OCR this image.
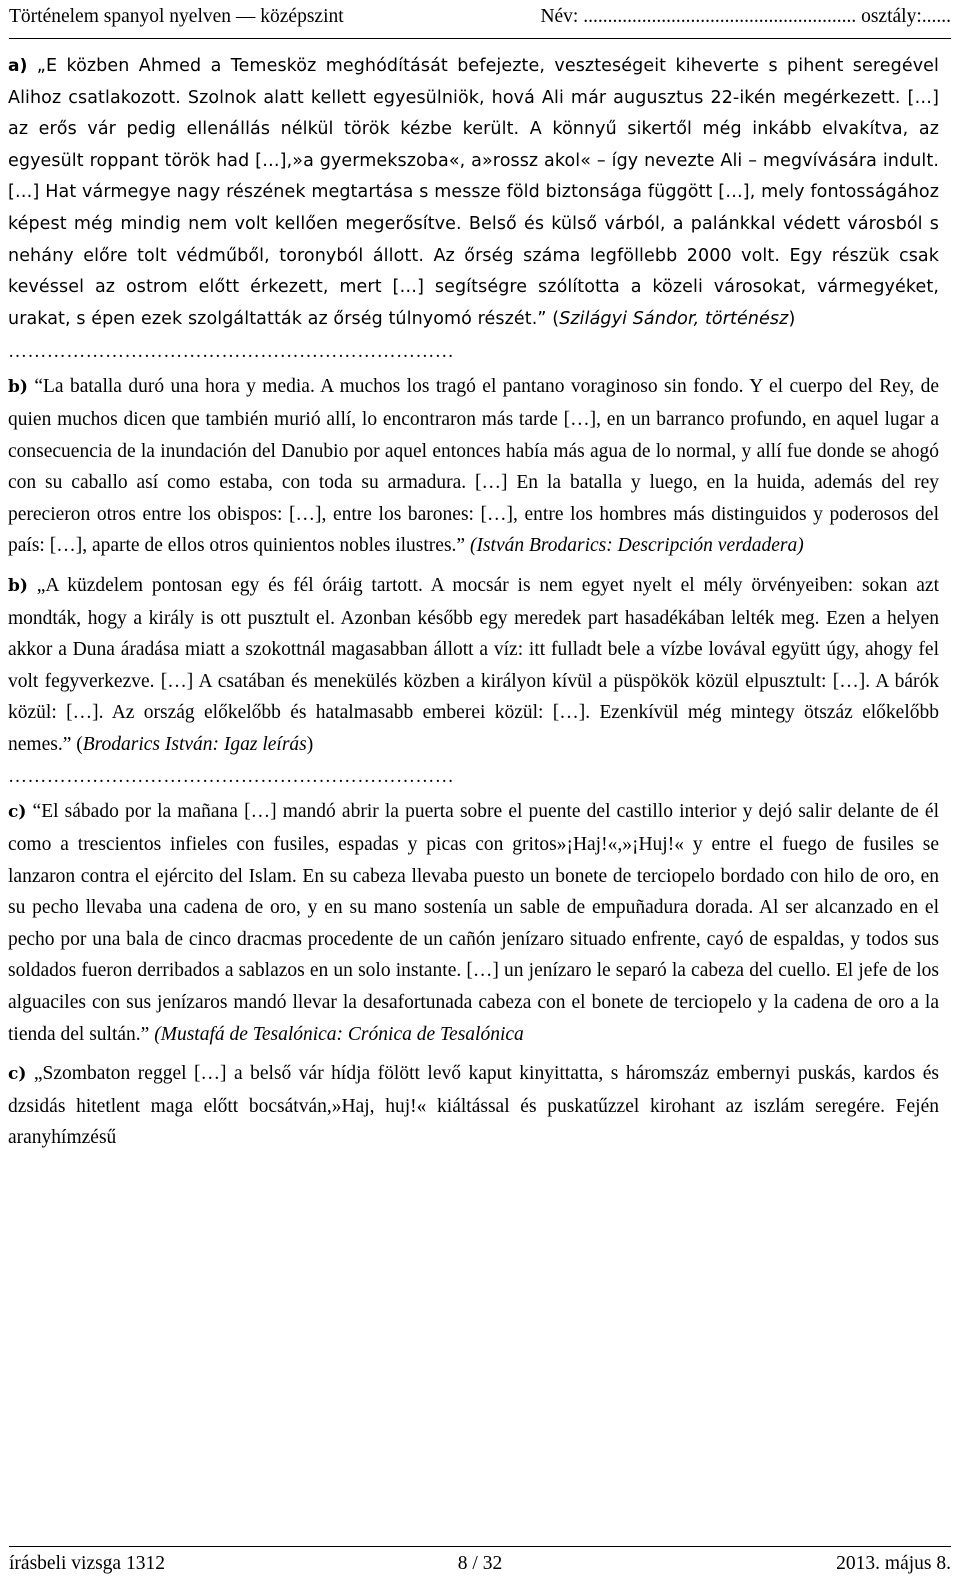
Történelem spanyol nyelven — középszint	Név: ........................................................ osztály:......

a) „E közben Ahmed a Temesköz meghódítását befejezte, veszteségeit kiheverte s pihent seregével Alihoz csatlakozott. Szolnok alatt kellett egyesülniök, hová Ali már augusztus 22-ikén megérkezett. […] az erős vár pedig ellenállás nélkül török kézbe került. A könnyű sikertől még inkább elvakítva, az egyesült roppant török had […],»a gyermekszoba«, a»rossz akol« – így nevezte Ali – megvívására indult. […] Hat vármegye nagy részének megtartása s messze föld biztonsága függött […], mely fontosságához képest még mindig nem volt kellően megerősítve. Belső és külső várból, a palánkkal védett városból s nehány előre tolt védműből, toronyból állott. Az őrség száma legföllebb 2000 volt. Egy részük csak kevéssel az ostrom előtt érkezett, mert […] segítségre szólította a közeli városokat, vármegyéket, urakat, s épen ezek szolgáltatták az őrség túlnyomó részét.” (Szilágyi Sándor, történész)

……………………………………………………………

b) “La batalla duró una hora y media. A muchos los tragó el pantano voraginoso sin fondo. Y el cuerpo del Rey, de quien muchos dicen que también murió allí, lo encontraron más tarde […], en un barranco profundo, en aquel lugar a consecuencia de la inundación del Danubio por aquel entonces había más agua de lo normal, y allí fue donde se ahogó con su caballo así como estaba, con toda su armadura. […] En la batalla y luego, en la huida, además del rey perecieron otros entre los obispos: […], entre los barones: […], entre los hombres más distinguidos y poderosos del país: […], aparte de ellos otros quinientos nobles ilustres.” (István Brodarics: Descripción verdadera)

b) „A küzdelem pontosan egy és fél óráig tartott. A mocsár is nem egyet nyelt el mély örvényeiben: sokan azt mondták, hogy a király is ott pusztult el. Azonban később egy meredek part hasadékában lelték meg. Ezen a helyen akkor a Duna áradása miatt a szokottnál magasabban állott a víz: itt fulladt bele a vízbe lovával együtt úgy, ahogy fel volt fegyverkezve. […] A csatában és menekülés közben a királyon kívül a püspökök közül elpusztult: […]. A bárók közül: […]. Az ország előkelőbb és hatalmasabb emberei közül: […]. Ezenkívül még mintegy ötszáz előkelőbb nemes.” (Brodarics István: Igaz leírás)

……………………………………………………………

c) “El sábado por la mañana […] mandó abrir la puerta sobre el puente del castillo interior y dejó salir delante de él como a trescientos infieles con fusiles, espadas y picas con gritos»¡Haj!«,»¡Huj!« y entre el fuego de fusiles se lanzaron contra el ejército del Islam. En su cabeza llevaba puesto un bonete de terciopelo bordado con hilo de oro, en su pecho llevaba una cadena de oro, y en su mano sostenía un sable de empuñadura dorada. Al ser alcanzado en el pecho por una bala de cinco dracmas procedente de un cañón jenízaro situado enfrente, cayó de espaldas, y todos sus soldados fueron derribados a sablazos en un solo instante. […] un jenízaro le separó la cabeza del cuello. El jefe de los alguaciles con sus jenízaros mandó llevar la desafortunada cabeza con el bonete de terciopelo y la cadena de oro a la tienda del sultán.” (Mustafá de Tesalónica: Crónica de Tesalónica

c) „Szombaton reggel […] a belső vár hídja fölött levő kaput kinyittatta, s háromszáz embernyi puskás, kardos és dzsidás hitetlent maga előtt bocsátván,»Haj, huj!« kiáltással és puskatűzzel kirohant az iszlám seregére. Fején aranyhímzésű

írásbeli vizsga 1312	8 / 32	2013. május 8.
